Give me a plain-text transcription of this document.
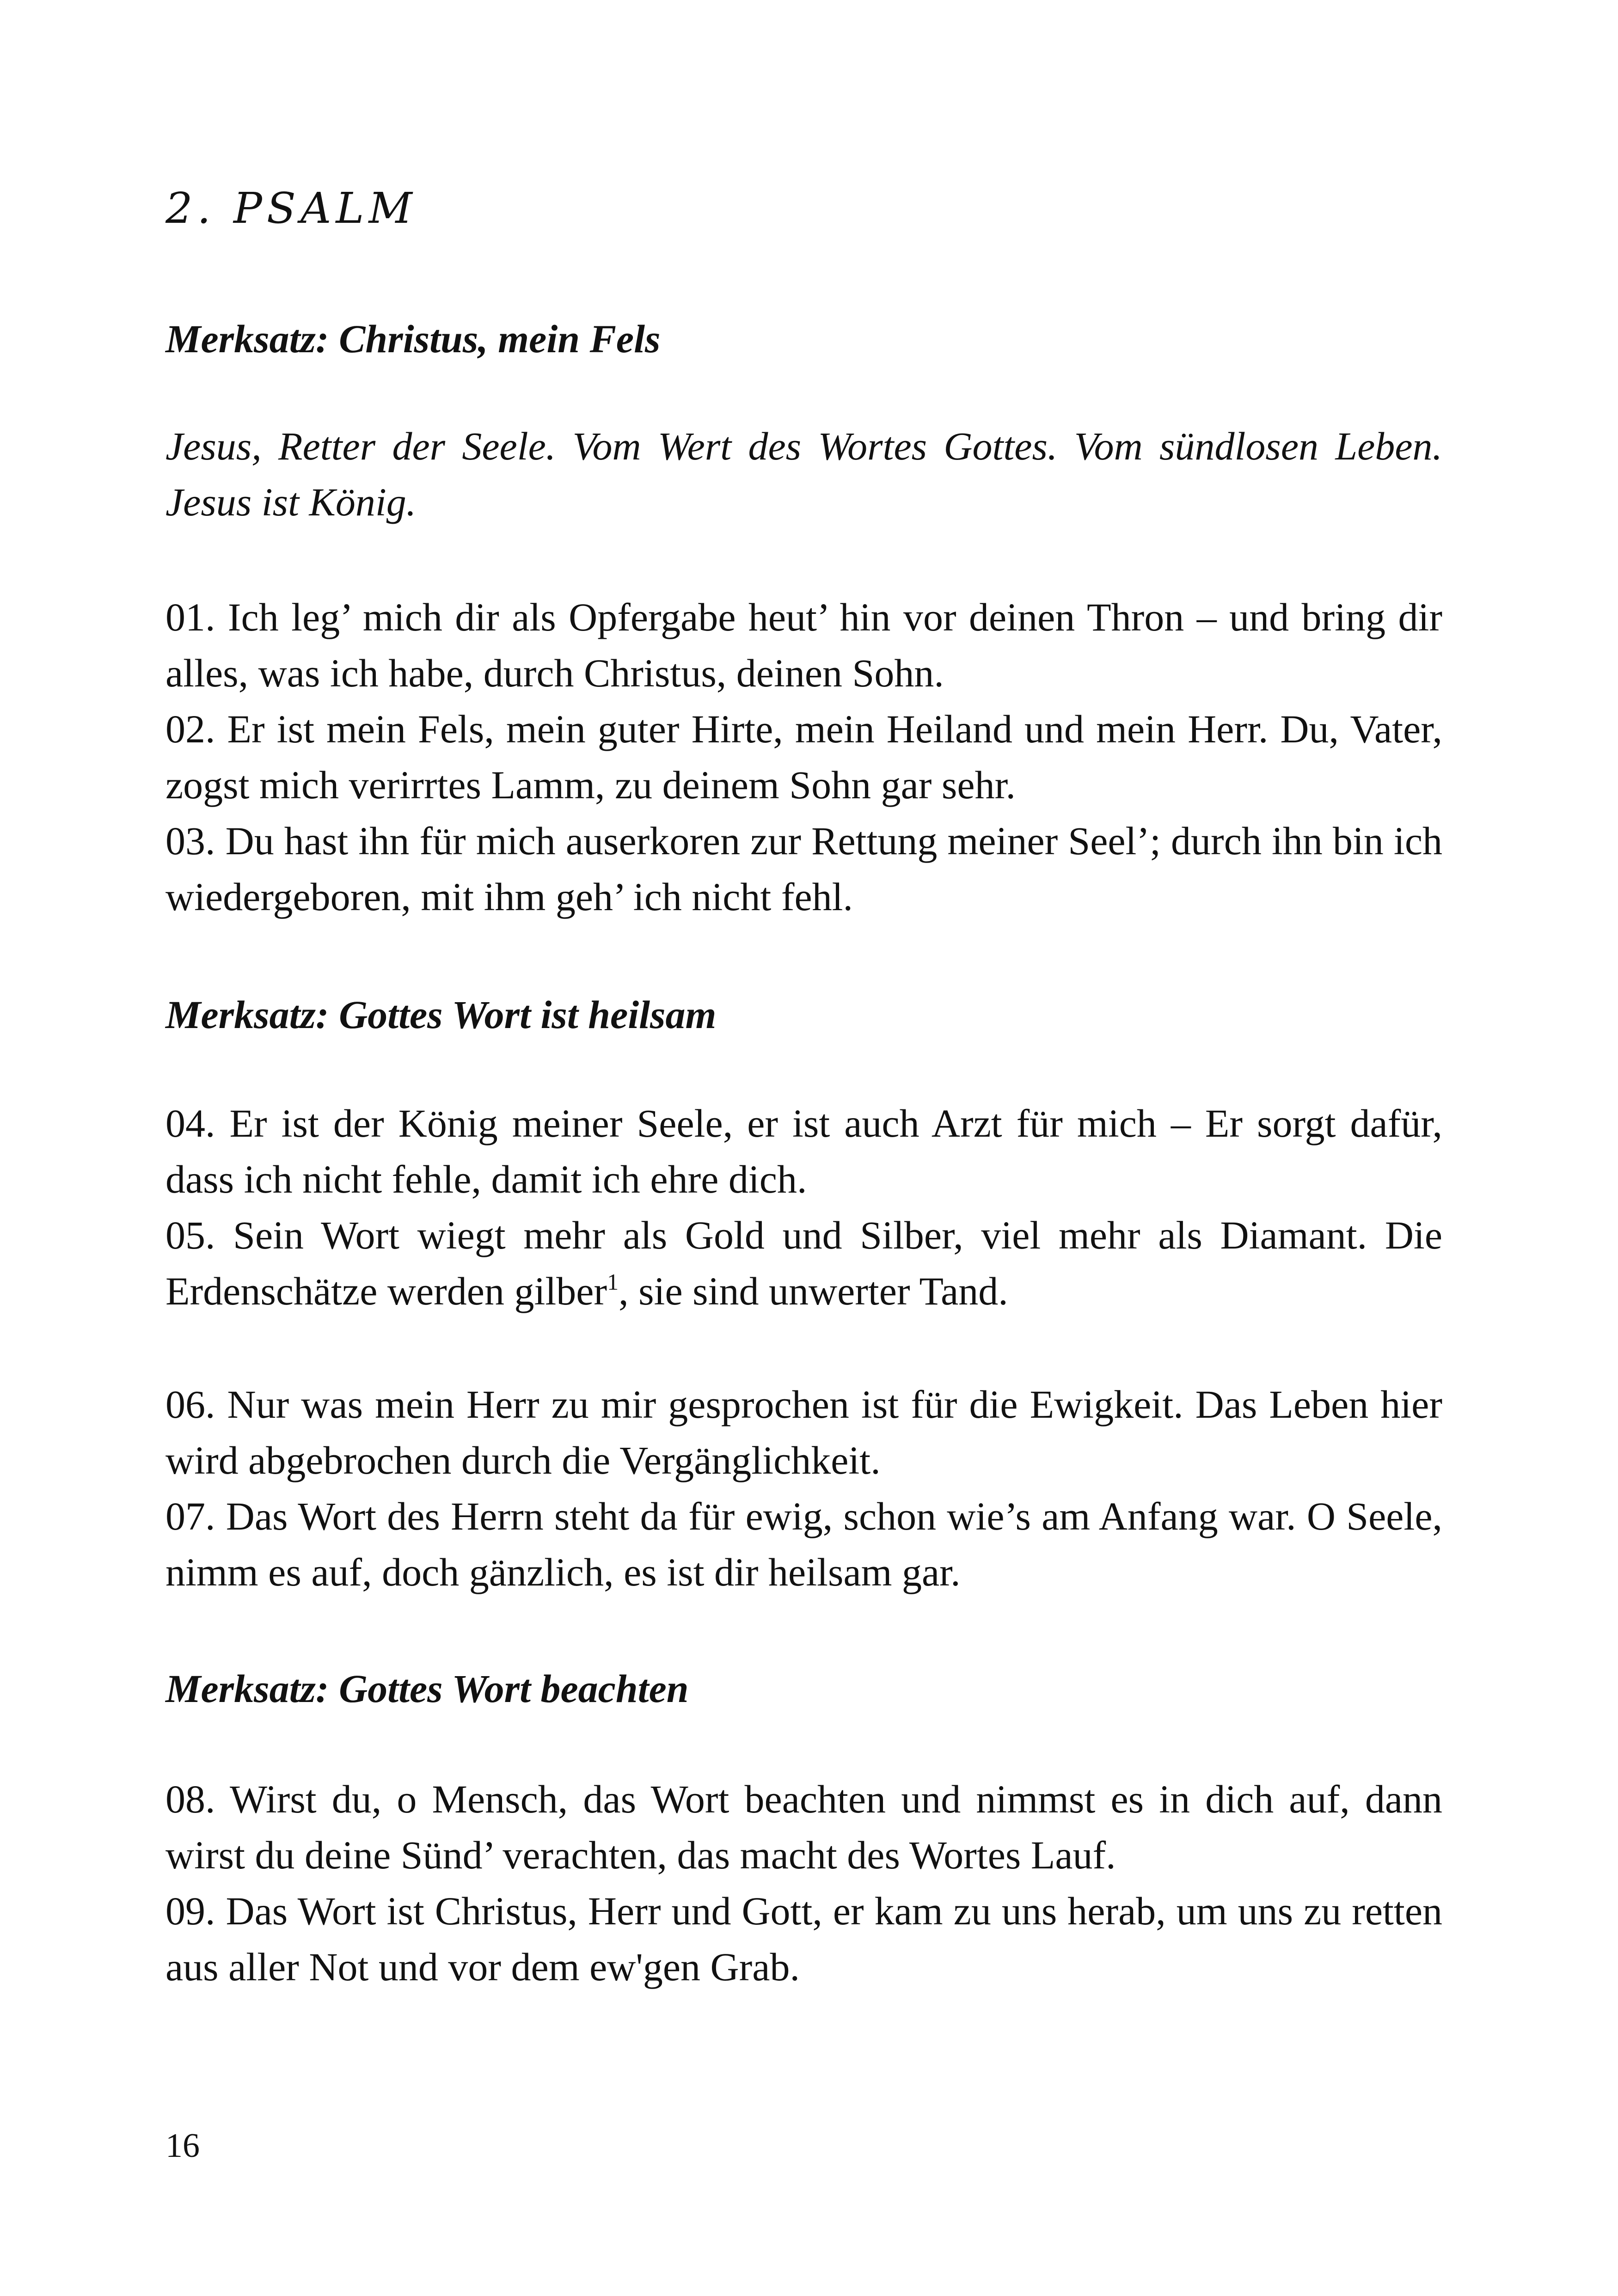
2. PSALM
Merksatz: Christus, mein Fels
Jesus, Retter der Seele. Vom Wert des Wortes Gottes. Vom sündlosen Leben. Jesus ist König.

01. Ich leg’ mich dir als Opfergabe heut’ hin vor deinen Thron – und bring dir alles, was ich habe, durch Christus, deinen Sohn.

02. Er ist mein Fels, mein guter Hirte, mein Heiland und mein Herr. Du, Vater, zogst mich verirrtes Lamm, zu deinem Sohn gar sehr.

03. Du hast ihn für mich auserkoren zur Rettung meiner Seel’; durch ihn bin ich wiedergeboren, mit ihm geh’ ich nicht fehl.

Merksatz: Gottes Wort ist heilsam

04. Er ist der König meiner Seele, er ist auch Arzt für mich – Er sorgt dafür, dass ich nicht fehle, damit ich ehre dich.

05. Sein Wort wiegt mehr als Gold und Silber, viel mehr als Diamant. Die Erdenschätze werden gilber$^1$, sie sind unwerter Tand.

06. Nur was mein Herr zu mir gesprochen ist für die Ewigkeit. Das Leben hier wird abgebrochen durch die Vergänglichkeit.

07. Das Wort des Herrn steht da für ewig, schon wie’s am Anfang war. O Seele, nimm es auf, doch gänzlich, es ist dir heilsam gar.

Merksatz: Gottes Wort beachten

08. Wirst du, o Mensch, das Wort beachten und nimmst es in dich auf, dann wirst du deine Sünd’ verachten, das macht des Wortes Lauf.

09. Das Wort ist Christus, Herr und Gott, er kam zu uns herab, um uns zu retten aus aller Not und vor dem ew'gen Grab.

16
